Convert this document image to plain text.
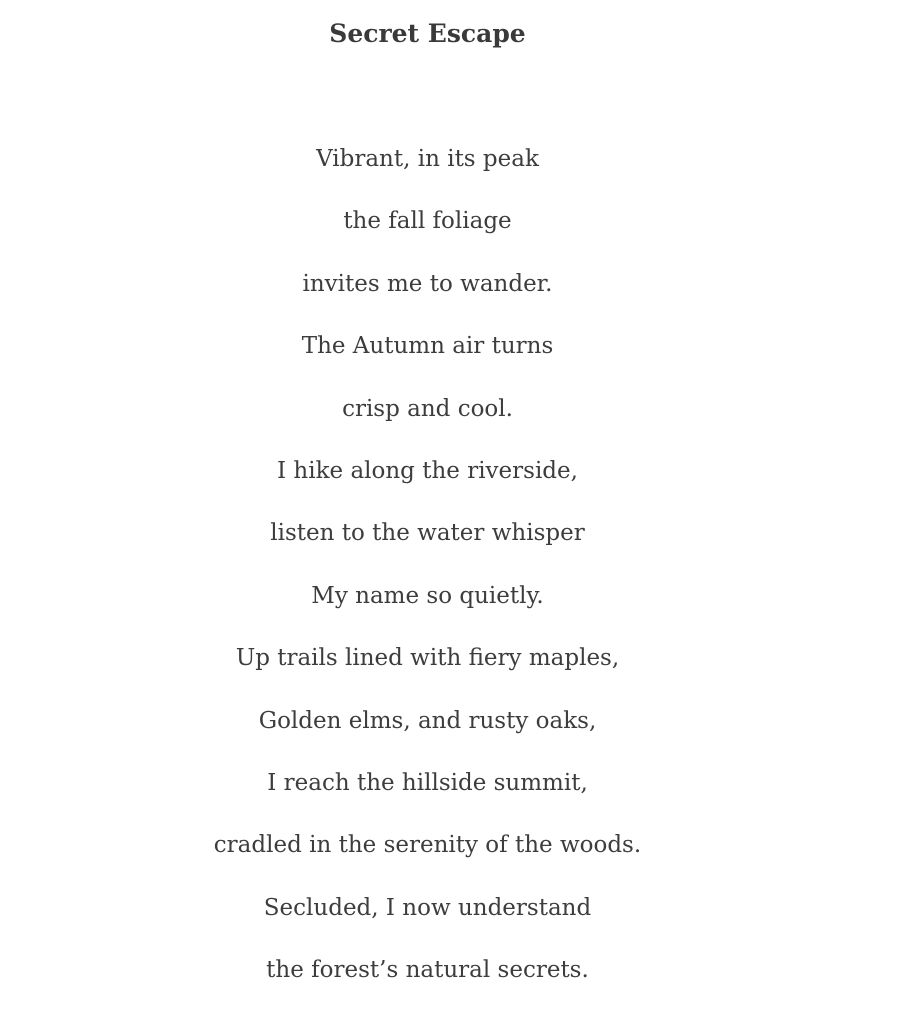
Secret Escape
Vibrant, in its peak
the fall foliage
invites me to wander.
The Autumn air turns
crisp and cool.
I hike along the riverside,
listen to the water whisper
My name so quietly.
Up trails lined with fiery maples,
Golden elms, and rusty oaks,
I reach the hillside summit,
cradled in the serenity of the woods.
Secluded, I now understand
the forest’s natural secrets.
